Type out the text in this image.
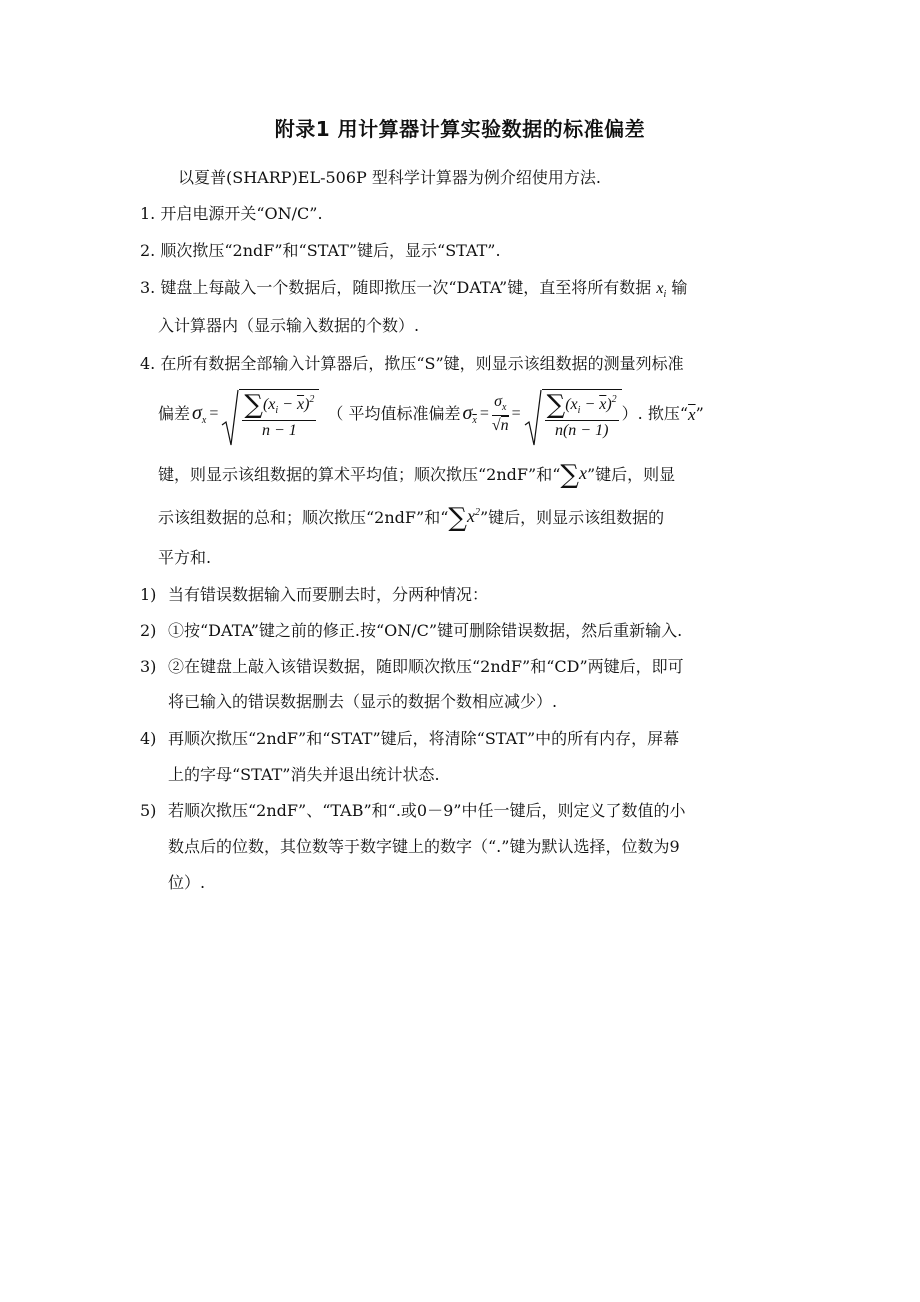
附录1 用计算器计算实验数据的标准偏差
以夏普(SHARP)EL-506P 型科学计算器为例介绍使用方法.
1. 开启电源开关“ON/C”.
2. 顺次揿压“2ndF”和“STAT”键后，显示“STAT”.
3. 键盘上每敲入一个数据后，随即揿压一次“DATA”键，直至将所有数据 $x_i$ 输
入计算器内（显示输入数据的个数）.
4. 在所有数据全部输入计算器后，揿压“S”键，则显示该组数据的测量列标准
偏差 $\sigma_x = \frac{\sum(x_i - \overline{x})^2}{n - 1}$ （ 平均值标准偏差 $\sigma_{\overline{x}} = \frac{\sigma_x}{√n} = \frac{\sum(x_i - \overline{x})^2}{n(n - 1)}$ ）. 揿压“ $\overline{x}$ ”
键，则显示该组数据的算术平均值；顺次揿压“2ndF”和“ ∑x ”键后，则显
示该组数据的总和；顺次揿压“2ndF”和“ $\sum x^2$ ”键后，则显示该组数据的
平方和.
1) 当有错误数据输入而要删去时，分两种情况：
2) ①按“DATA”键之前的修正.按“ON/C”键可删除错误数据，然后重新输入.
3) ②在键盘上敲入该错误数据，随即顺次揿压“2ndF”和“CD”两键后，即可
将已输入的错误数据删去（显示的数据个数相应减少）.
4) 再顺次揿压“2ndF”和“STAT”键后，将清除“STAT”中的所有内存，屏幕
上的字母“STAT”消失并退出统计状态.
5) 若顺次揿压“2ndF”、“TAB”和“.或0－9”中任一键后，则定义了数值的小
数点后的位数，其位数等于数字键上的数字（“.”键为默认选择，位数为9
位）.
